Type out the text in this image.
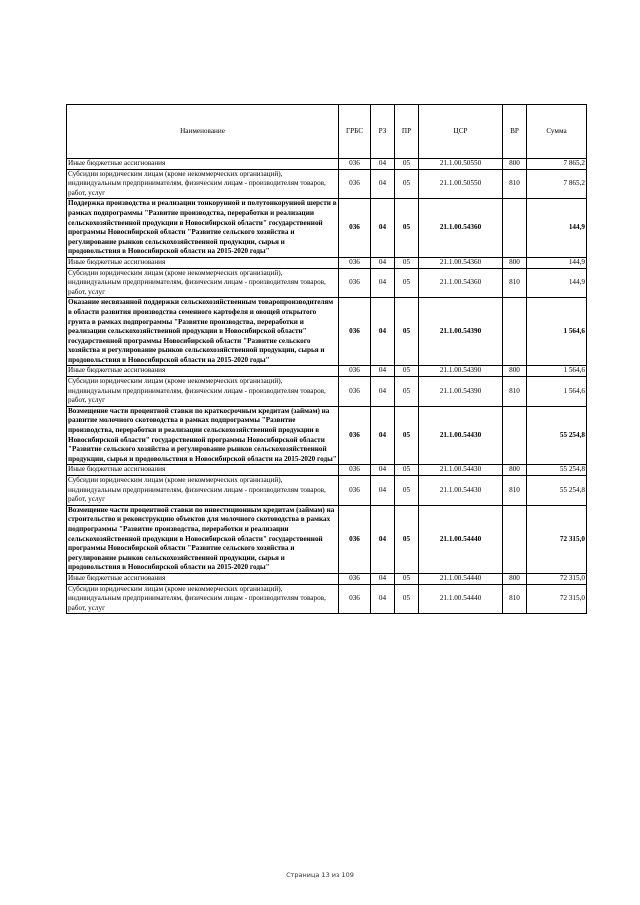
Наименование	ГРБС	РЗ	ПР	ЦСР	ВР	Сумма
Иные бюджетные ассигнования	036	04	05	21.1.00.50550	800	7 865,2
Субсидии юридическим лицам (кроме некоммерческих организаций), индивидуальным предпринимателям, физическим лицам - производителям товаров, работ, услуг	036	04	05	21.1.00.50550	810	7 865,2
Поддержка производства и реализации тонкорунной и полутонкорунной шерсти в рамках подпрограммы "Развитие производства, переработки и реализации сельскохозяйственной продукции в Новосибирской области" государственной программы Новосибирской области "Развитие сельского хозяйства и регулирование рынков сельскохозяйственной продукции, сырья и продовольствия в Новосибирской области на 2015-2020 годы"	036	04	05	21.1.00.54360		144,9
Иные бюджетные ассигнования	036	04	05	21.1.00.54360	800	144,9
Субсидии юридическим лицам (кроме некоммерческих организаций), индивидуальным предпринимателям, физическим лицам - производителям товаров, работ, услуг	036	04	05	21.1.00.54360	810	144,9
Оказание несвязанной поддержки сельскохозяйственным товаропроизводителям в области развития производства семенного картофеля и овощей открытого грунта в рамках подпрограммы "Развитие производства, переработки и реализации сельскохозяйственной продукции в Новосибирской области" государственной программы Новосибирской области "Развитие сельского хозяйства и регулирование рынков сельскохозяйственной продукции, сырья и продовольствия в Новосибирской области на 2015-2020 годы"	036	04	05	21.1.00.54390		1 564,6
Иные бюджетные ассигнования	036	04	05	21.1.00.54390	800	1 564,6
Субсидии юридическим лицам (кроме некоммерческих организаций), индивидуальным предпринимателям, физическим лицам - производителям товаров, работ, услуг	036	04	05	21.1.00.54390	810	1 564,6
Возмещение части процентной ставки по краткосрочным кредитам (займам) на развитие молочного скотоводства в рамках подпрограммы "Развитие производства, переработки и реализации сельскохозяйственной продукции в Новосибирской области" государственной программы Новосибирской области "Развитие сельского хозяйства и регулирование рынков сельскохозяйственной продукции, сырья и продовольствия в Новосибирской области на 2015-2020 годы"	036	04	05	21.1.00.54430		55 254,8
Иные бюджетные ассигнования	036	04	05	21.1.00.54430	800	55 254,8
Субсидии юридическим лицам (кроме некоммерческих организаций), индивидуальным предпринимателям, физическим лицам - производителям товаров, работ, услуг	036	04	05	21.1.00.54430	810	55 254,8
Возмещение части процентной ставки по инвестиционным кредитам (займам) на строительство и реконструкцию объектов для молочного скотоводства в рамках подпрограммы "Развитие производства, переработки и реализации сельскохозяйственной продукции в Новосибирской области" государственной программы Новосибирской области "Развитие сельского хозяйства и регулирование рынков сельскохозяйственной продукции, сырья и продовольствия в Новосибирской области на 2015-2020 годы"	036	04	05	21.1.00.54440		72 315,0
Иные бюджетные ассигнования	036	04	05	21.1.00.54440	800	72 315,0
Субсидии юридическим лицам (кроме некоммерческих организаций), индивидуальным предпринимателям, физическим лицам - производителям товаров, работ, услуг	036	04	05	21.1.00.54440	810	72 315,0
Страница 13 из 109
